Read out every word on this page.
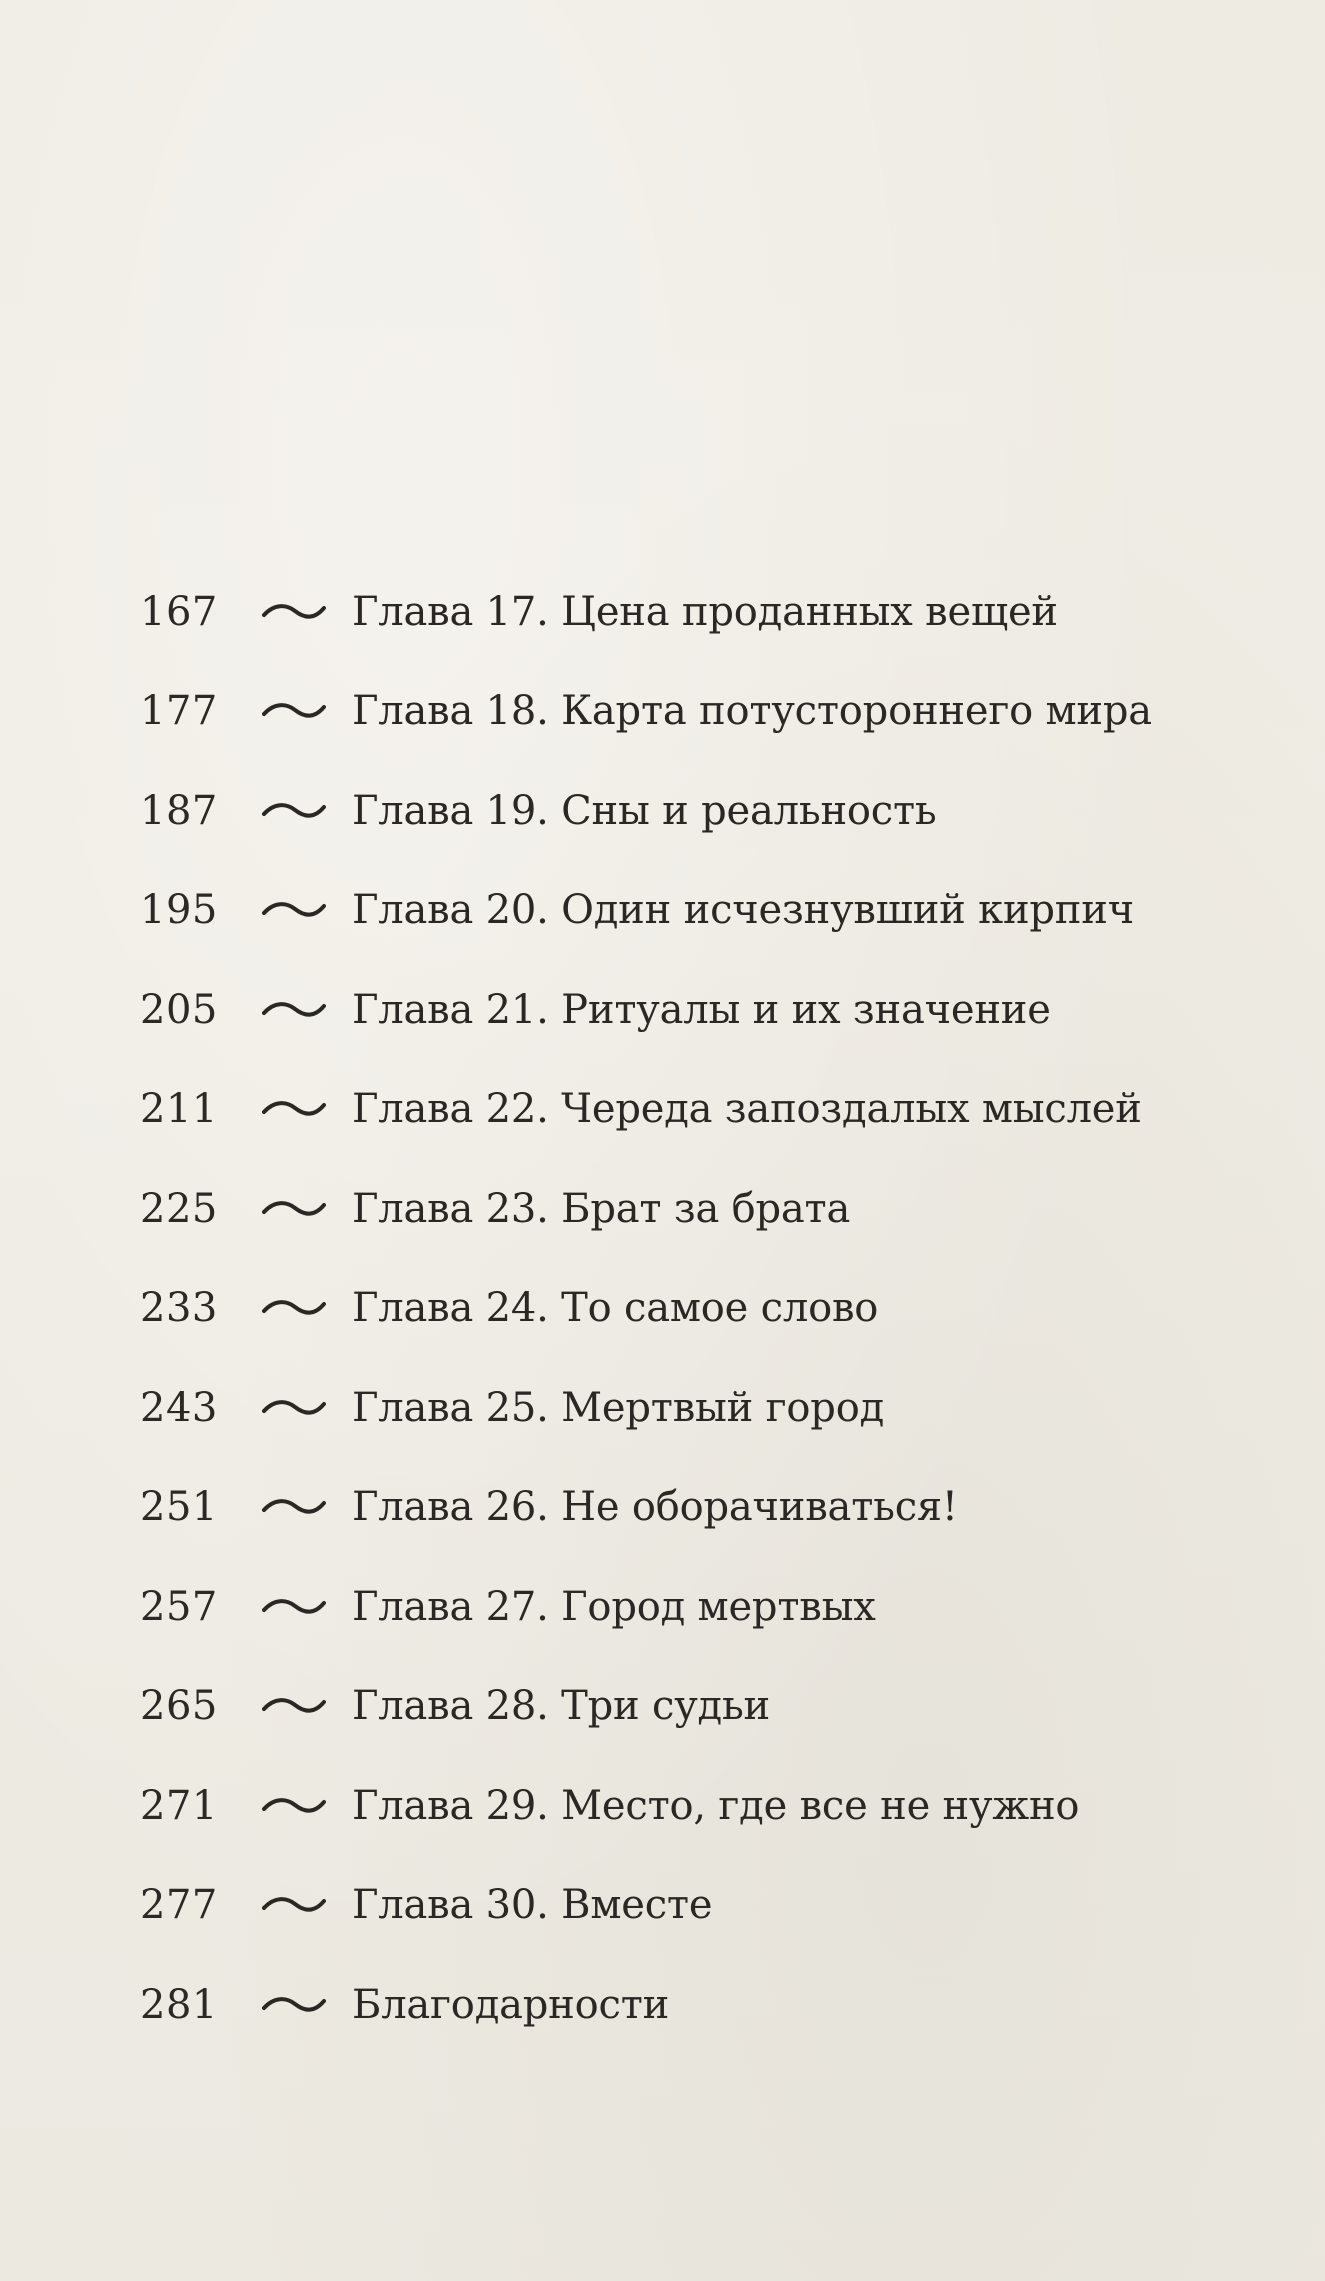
167	Глава 17. Цена проданных вещей
177	Глава 18. Карта потустороннего мира
187	Глава 19. Сны и реальность
195	Глава 20. Один исчезнувший кирпич
205	Глава 21. Ритуалы и их значение
211	Глава 22. Череда запоздалых мыслей
225	Глава 23. Брат за брата
233	Глава 24. То самое слово
243	Глава 25. Мертвый город
251	Глава 26. Не оборачиваться!
257	Глава 27. Город мертвых
265	Глава 28. Три судьи
271	Глава 29. Место, где все не нужно
277	Глава 30. Вместе
281	Благодарности
